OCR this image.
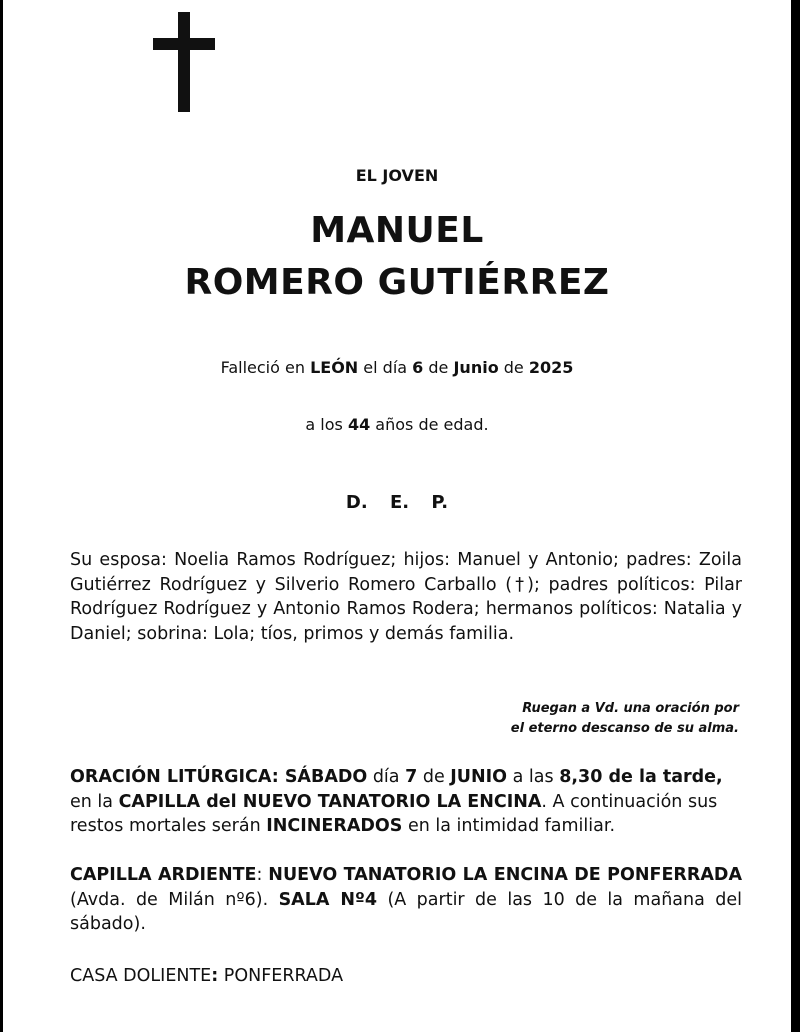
EL JOVEN
MANUEL
ROMERO GUTIÉRREZ
Falleció en LEÓN el día 6 de Junio de 2025
a los 44 años de edad.
D. E. P.
Su esposa: Noelia Ramos Rodríguez; hijos: Manuel y Antonio; padres: Zoila Gutiérrez Rodríguez y Silverio Romero Carballo (†); padres políticos: Pilar Rodríguez Rodríguez y Antonio Ramos Rodera; hermanos políticos: Natalia y Daniel; sobrina: Lola; tíos, primos y demás familia.
Ruegan a Vd. una oración por
el eterno descanso de su alma.
ORACIÓN LITÚRGICA: SÁBADO día 7 de JUNIO a las 8,30 de la tarde, en la CAPILLA del NUEVO TANATORIO LA ENCINA. A continuación sus restos mortales serán INCINERADOS en la intimidad familiar.
CAPILLA ARDIENTE: NUEVO TANATORIO LA ENCINA DE PONFERRADA (Avda. de Milán nº6). SALA Nº4 (A partir de las 10 de la mañana del sábado).
CASA DOLIENTE: PONFERRADA
